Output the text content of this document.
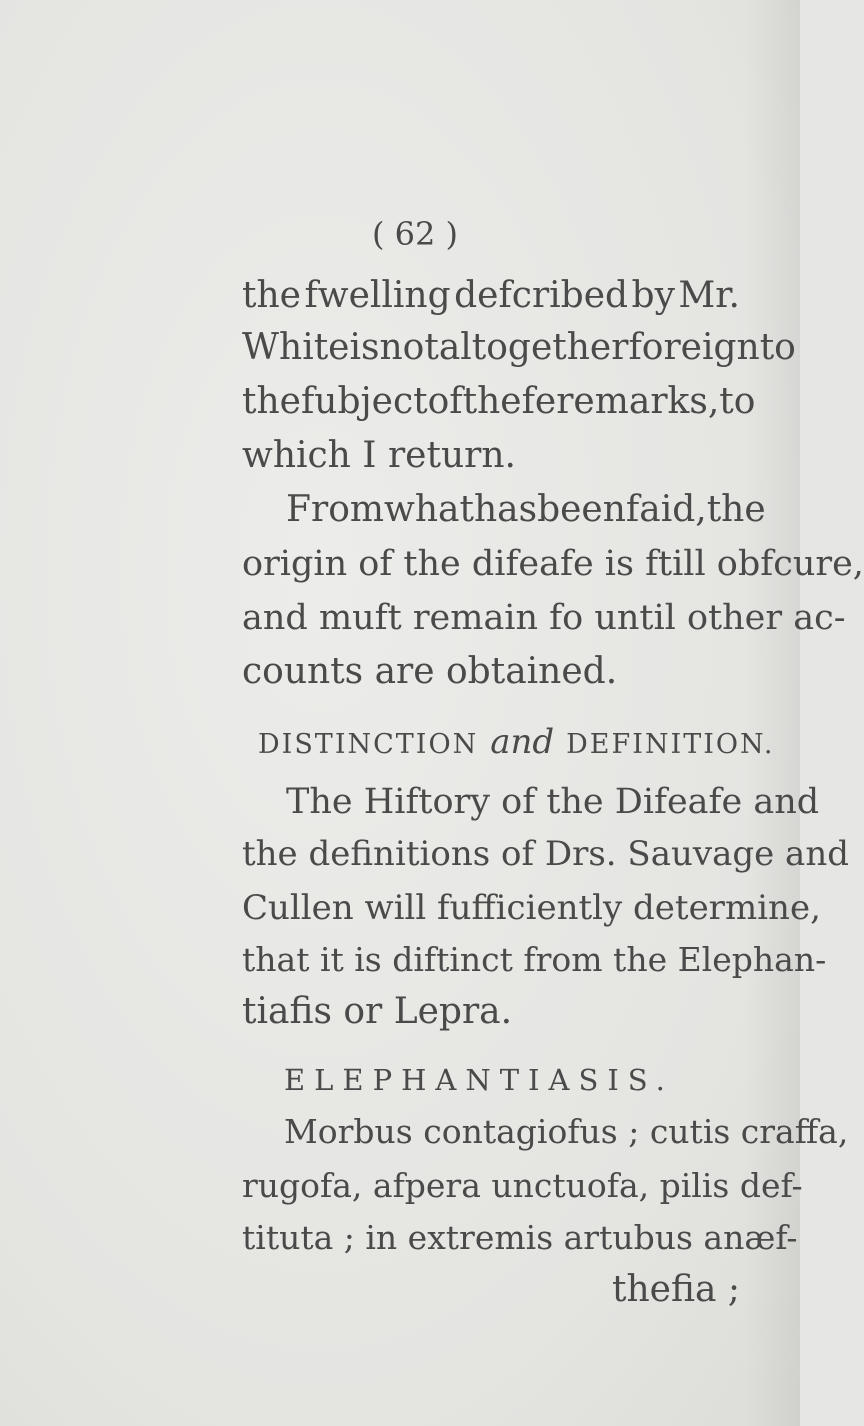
( 62 )
the fwelling defcribed by Mr.
White is not altogether foreign to
the fubject of thefe remarks, to
which I return.
From what has been faid, the
origin of the difeafe is ftill obfcure,
and muft remain fo until other ac-
counts are obtained.
DISTINCTION and DEFINITION.
The Hiftory of the Difeafe and
the definitions of Drs. Sauvage and
Cullen will fufficiently determine,
that it is diftinct from the Elephan-
tiafis or Lepra.
ELEPHANTIASIS.
Morbus contagiofus ; cutis craffa,
rugofa, afpera unctuofa, pilis def-
tituta ; in extremis artubus anæf-
thefia ;
